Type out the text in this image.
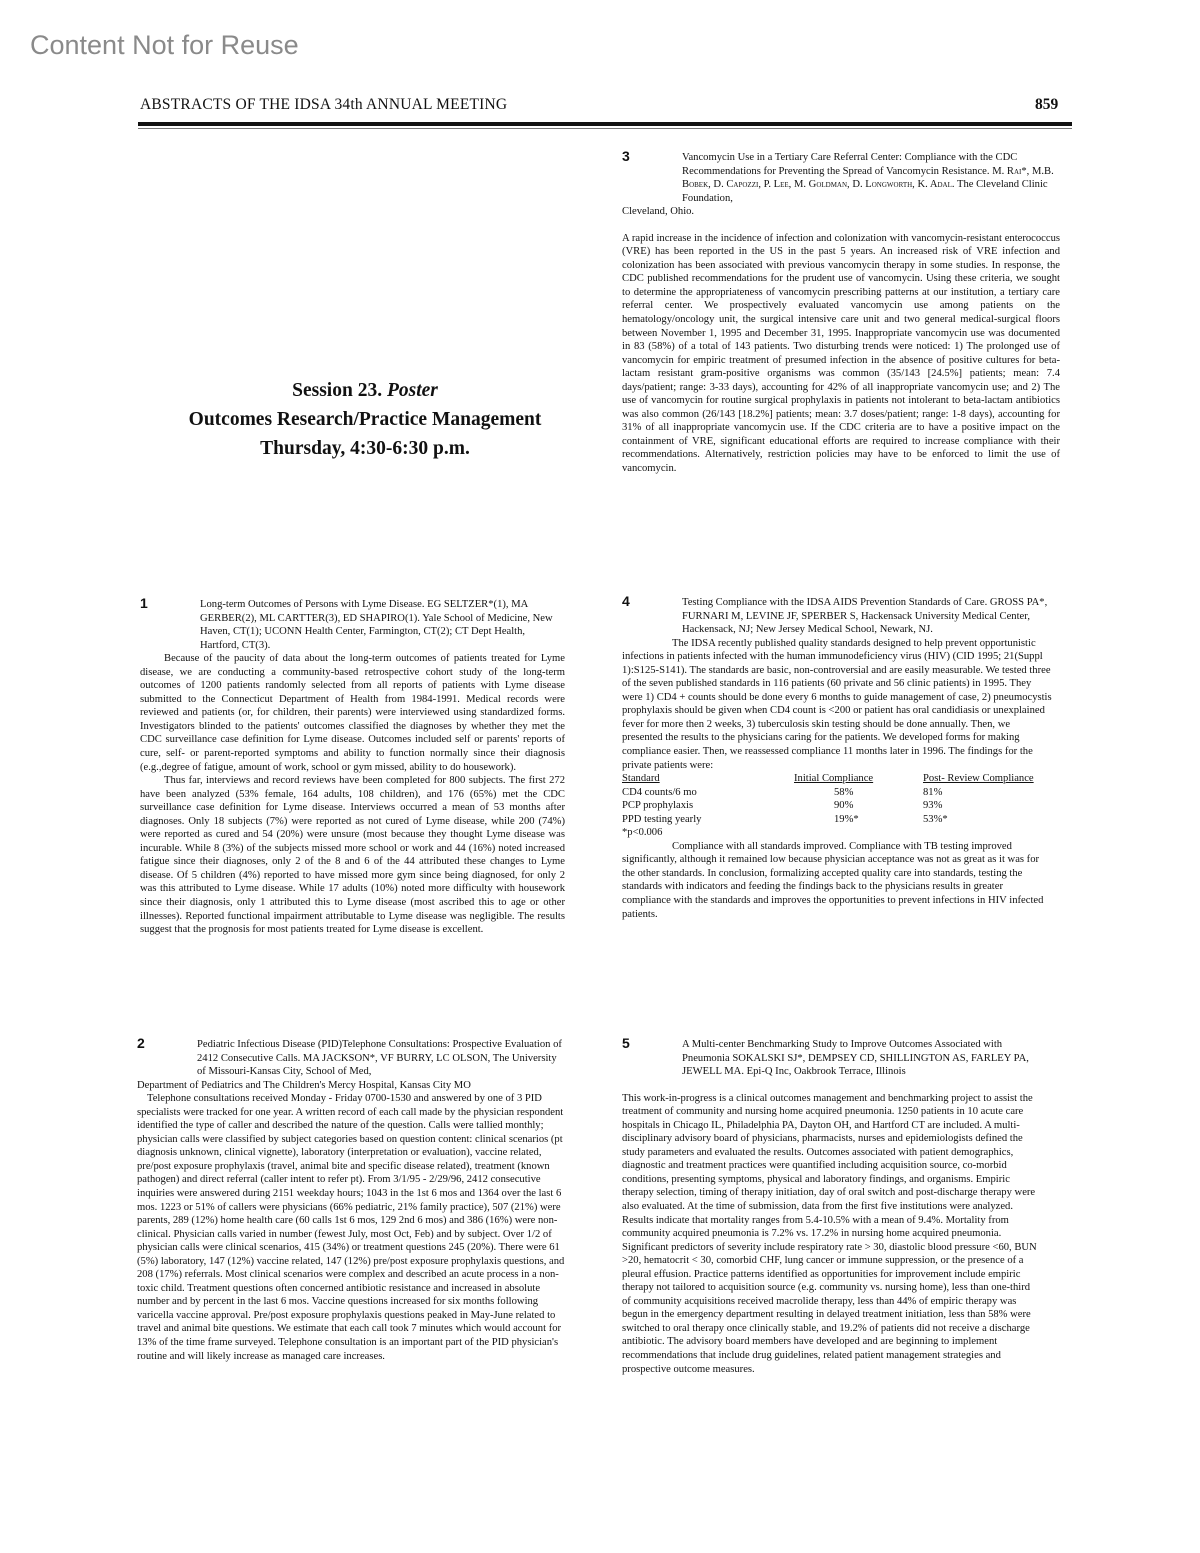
Content Not for Reuse
ABSTRACTS OF THE IDSA 34th ANNUAL MEETING	859
Session 23. Poster
Outcomes Research/Practice Management
Thursday, 4:30-6:30 p.m.
1	Long-term Outcomes of Persons with Lyme Disease. EG SELTZER*(1), MA GERBER(2), ML CARTTER(3), ED SHAPIRO(1). Yale School of Medicine, New Haven, CT(1); UCONN Health Center, Farmington, CT(2); CT Dept Health, Hartford, CT(3).

Because of the paucity of data about the long-term outcomes of patients treated for Lyme disease, we are conducting a community-based retrospective cohort study of the long-term outcomes of 1200 patients randomly selected from all reports of patients with Lyme disease submitted to the Connecticut Department of Health from 1984-1991. Medical records were reviewed and patients (or, for children, their parents) were interviewed using standardized forms. Investigators blinded to the patients' outcomes classified the diagnoses by whether they met the CDC surveillance case definition for Lyme disease. Outcomes included self or parents' reports of cure, self- or parent-reported symptoms and ability to function normally since their diagnosis (e.g.,degree of fatigue, amount of work, school or gym missed, ability to do housework).

Thus far, interviews and record reviews have been completed for 800 subjects. The first 272 have been analyzed (53% female, 164 adults, 108 children), and 176 (65%) met the CDC surveillance case definition for Lyme disease. Interviews occurred a mean of 53 months after diagnoses. Only 18 subjects (7%) were reported as not cured of Lyme disease, while 200 (74%) were reported as cured and 54 (20%) were unsure (most because they thought Lyme disease was incurable. While 8 (3%) of the subjects missed more school or work and 44 (16%) noted increased fatigue since their diagnoses, only 2 of the 8 and 6 of the 44 attributed these changes to Lyme disease. Of 5 children (4%) reported to have missed more gym since being diagnosed, for only 2 was this attributed to Lyme disease. While 17 adults (10%) noted more difficulty with housework since their diagnosis, only 1 attributed this to Lyme disease (most ascribed this to age or other illnesses). Reported functional impairment attributable to Lyme disease was negligible. The results suggest that the prognosis for most patients treated for Lyme disease is excellent.

2	Pediatric Infectious Disease (PID)Telephone Consultations: Prospective Evaluation of 2412 Consecutive Calls. MA JACKSON*, VF BURRY, LC OLSON, The University of Missouri-Kansas City, School of Med,
Department of Pediatrics and The Children's Mercy Hospital, Kansas City MO

Telephone consultations received Monday - Friday 0700-1530 and answered by one of 3 PID specialists were tracked for one year. A written record of each call made by the physician respondent identified the type of caller and described the nature of the question. Calls were tallied monthly; physician calls were classified by subject categories based on question content: clinical scenarios (pt diagnosis unknown, clinical vignette), laboratory (interpretation or evaluation), vaccine related, pre/post exposure prophylaxis (travel, animal bite and specific disease related), treatment (known pathogen) and direct referral (caller intent to refer pt). From 3/1/95 - 2/29/96, 2412 consecutive inquiries were answered during 2151 weekday hours; 1043 in the 1st 6 mos and 1364 over the last 6 mos. 1223 or 51% of callers were physicians (66% pediatric, 21% family practice), 507 (21%) were parents, 289 (12%) home health care (60 calls 1st 6 mos, 129 2nd 6 mos) and 386 (16%) were non-clinical. Physician calls varied in number (fewest July, most Oct, Feb) and by subject. Over 1/2 of physician calls were clinical scenarios, 415 (34%) or treatment questions 245 (20%). There were 61 (5%) laboratory, 147 (12%) vaccine related, 147 (12%) pre/post exposure prophylaxis questions, and 208 (17%) referrals. Most clinical scenarios were complex and described an acute process in a non-toxic child. Treatment questions often concerned antibiotic resistance and increased in absolute number and by percent in the last 6 mos. Vaccine questions increased for six months following varicella vaccine approval. Pre/post exposure prophylaxis questions peaked in May-June related to travel and animal bite questions. We estimate that each call took 7 minutes which would account for 13% of the time frame surveyed. Telephone consultation is an important part of the PID physician's routine and will likely increase as managed care increases.

3	Vancomycin Use in a Tertiary Care Referral Center: Compliance with the CDC Recommendations for Preventing the Spread of Vancomycin Resistance. M. Rai*, M.B. Bobek, D. Capozzi, P. Lee, M. Goldman, D. Longworth, K. Adal. The Cleveland Clinic Foundation,
Cleveland, Ohio.

A rapid increase in the incidence of infection and colonization with vancomycin-resistant enterococcus (VRE) has been reported in the US in the past 5 years. An increased risk of VRE infection and colonization has been associated with previous vancomycin therapy in some studies. In response, the CDC published recommendations for the prudent use of vancomycin. Using these criteria, we sought to determine the appropriateness of vancomycin prescribing patterns at our institution, a tertiary care referral center. We prospectively evaluated vancomycin use among patients on the hematology/oncology unit, the surgical intensive care unit and two general medical-surgical floors between November 1, 1995 and December 31, 1995. Inappropriate vancomycin use was documented in 83 (58%) of a total of 143 patients. Two disturbing trends were noticed: 1) The prolonged use of vancomycin for empiric treatment of presumed infection in the absence of positive cultures for beta-lactam resistant gram-positive organisms was common (35/143 [24.5%] patients; mean: 7.4 days/patient; range: 3-33 days), accounting for 42% of all inappropriate vancomycin use; and 2) The use of vancomycin for routine surgical prophylaxis in patients not intolerant to beta-lactam antibiotics was also common (26/143 [18.2%] patients; mean: 3.7 doses/patient; range: 1-8 days), accounting for 31% of all inappropriate vancomycin use. If the CDC criteria are to have a positive impact on the containment of VRE, significant educational efforts are required to increase compliance with their recommendations. Alternatively, restriction policies may have to be enforced to limit the use of vancomycin.

4	Testing Compliance with the IDSA AIDS Prevention Standards of Care. GROSS PA*, FURNARI M, LEVINE JF, SPERBER S, Hackensack University Medical Center, Hackensack, NJ; New Jersey Medical School, Newark, NJ.

The IDSA recently published quality standards designed to help prevent opportunistic infections in patients infected with the human immunodeficiency virus (HIV) (CID 1995; 21(Suppl 1):S125-S141). The standards are basic, non-controversial and are easily measurable. We tested three of the seven published standards in 116 patients (60 private and 56 clinic patients) in 1995. They were 1) CD4 + counts should be done every 6 months to guide management of case, 2) pneumocystis prophylaxis should be given when CD4 count is <200 or patient has oral candidiasis or unexplained fever for more then 2 weeks, 3) tuberculosis skin testing should be done annually. Then, we presented the results to the physicians caring for the patients. We developed forms for making compliance easier. Then, we reassessed compliance 11 months later in 1996. The findings for the private patients were:

Standard	Initial Compliance	Post- Review Compliance
CD4 counts/6 mo	58%	81%
PCP prophylaxis	90%	93%
PPD testing yearly	19%*	53%*
*p<0.006

Compliance with all standards improved. Compliance with TB testing improved significantly, although it remained low because physician acceptance was not as great as it was for the other standards. In conclusion, formalizing accepted quality care into standards, testing the standards with indicators and feeding the findings back to the physicians results in greater compliance with the standards and improves the opportunities to prevent infections in HIV infected patients.

5	A Multi-center Benchmarking Study to Improve Outcomes Associated with Pneumonia SOKALSKI SJ*, DEMPSEY CD, SHILLINGTON AS, FARLEY PA, JEWELL MA. Epi-Q Inc, Oakbrook Terrace, Illinois

This work-in-progress is a clinical outcomes management and benchmarking project to assist the treatment of community and nursing home acquired pneumonia. 1250 patients in 10 acute care hospitals in Chicago IL, Philadelphia PA, Dayton OH, and Hartford CT are included. A multi-disciplinary advisory board of physicians, pharmacists, nurses and epidemiologists defined the study parameters and evaluated the results. Outcomes associated with patient demographics, diagnostic and treatment practices were quantified including acquisition source, co-morbid conditions, presenting symptoms, physical and laboratory findings, and organisms. Empiric therapy selection, timing of therapy initiation, day of oral switch and post-discharge therapy were also evaluated. At the time of submission, data from the first five institutions were analyzed. Results indicate that mortality ranges from 5.4-10.5% with a mean of 9.4%. Mortality from community acquired pneumonia is 7.2% vs. 17.2% in nursing home acquired pneumonia. Significant predictors of severity include respiratory rate > 30, diastolic blood pressure <60, BUN >20, hematocrit < 30, comorbid CHF, lung cancer or immune suppression, or the presence of a pleural effusion. Practice patterns identified as opportunities for improvement include empiric therapy not tailored to acquisition source (e.g. community vs. nursing home), less than one-third of community acquisitions received macrolide therapy, less than 44% of empiric therapy was begun in the emergency department resulting in delayed treatment initiation, less than 58% were switched to oral therapy once clinically stable, and 19.2% of patients did not receive a discharge antibiotic. The advisory board members have developed and are beginning to implement recommendations that include drug guidelines, related patient management strategies and prospective outcome measures.
